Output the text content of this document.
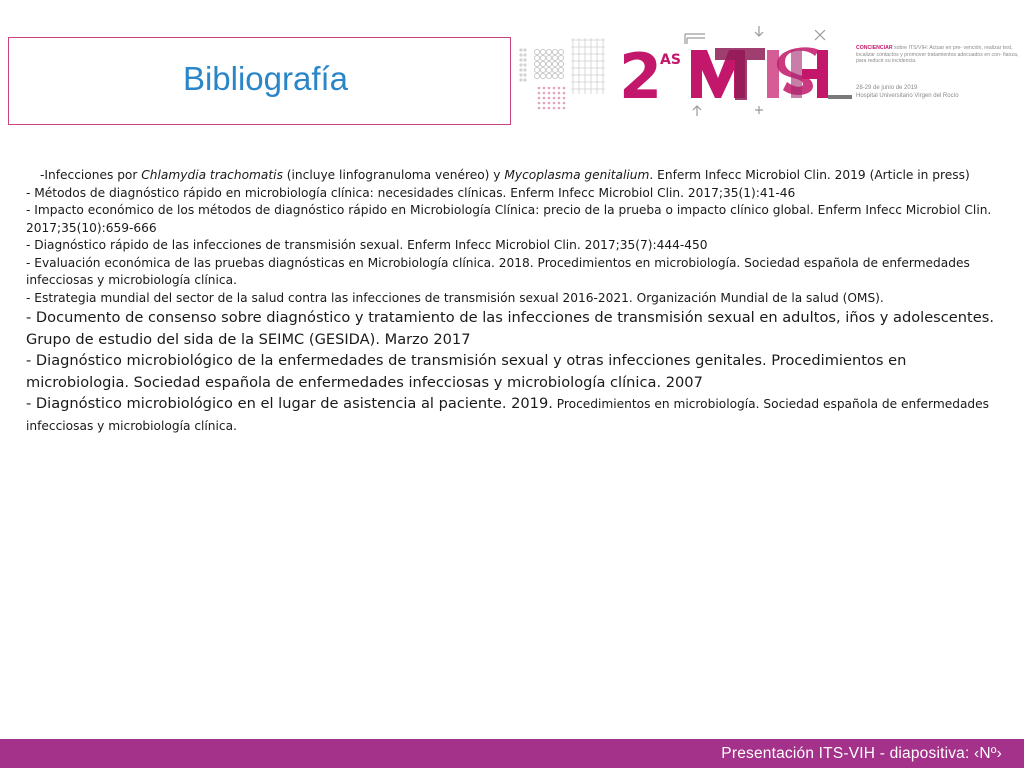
Bibliografía	2
AS
CONCIENCIAR sobre ITS/VIH: Actuar en pre- vención, realizar test, localizar contactos y promover tratamientos adecuados en con- fianza, para reducir su incidencia.
28-29 de junio de 2019
Hospital Universitario Virgen del Rocío

-Infecciones por Chlamydia trachomatis (incluye linfogranuloma venéreo) y Mycoplasma genitalium. Enferm Infecc Microbiol Clin. 2019 (Article in press)

- Métodos de diagnóstico rápido en microbiología clínica: necesidades clínicas. Enferm Infecc Microbiol Clin. 2017;35(1):41-46

- Impacto económico de los métodos de diagnóstico rápido en Microbiología Clínica: precio de la prueba o impacto clínico global. Enferm Infecc Microbiol Clin. 2017;35(10):659-666

- Diagnóstico rápido de las infecciones de transmisión sexual. Enferm Infecc Microbiol Clin. 2017;35(7):444-450

- Evaluación económica de las pruebas diagnósticas en Microbiología clínica. 2018. Procedimientos en microbiología. Sociedad española de enfermedades infecciosas y microbiología clínica.

- Estrategia mundial del sector de la salud contra las infecciones de transmisión sexual 2016-2021. Organización Mundial de la salud (OMS).

- Documento de consenso sobre diagnóstico y tratamiento de las infecciones de transmisión sexual en adultos, iños y adolescentes. Grupo de estudio del sida de la SEIMC (GESIDA). Marzo 2017

- Diagnóstico microbiológico de la enfermedades de transmisión sexual y otras infecciones genitales. Procedimientos en microbiologia. Sociedad española de enfermedades infecciosas y microbiología clínica. 2007

- Diagnóstico microbiológico en el lugar de asistencia al paciente. 2019. Procedimientos en microbiología. Sociedad española de enfermedades infecciosas y microbiología clínica.

Presentación ITS-VIH - diapositiva: ‹Nº›
